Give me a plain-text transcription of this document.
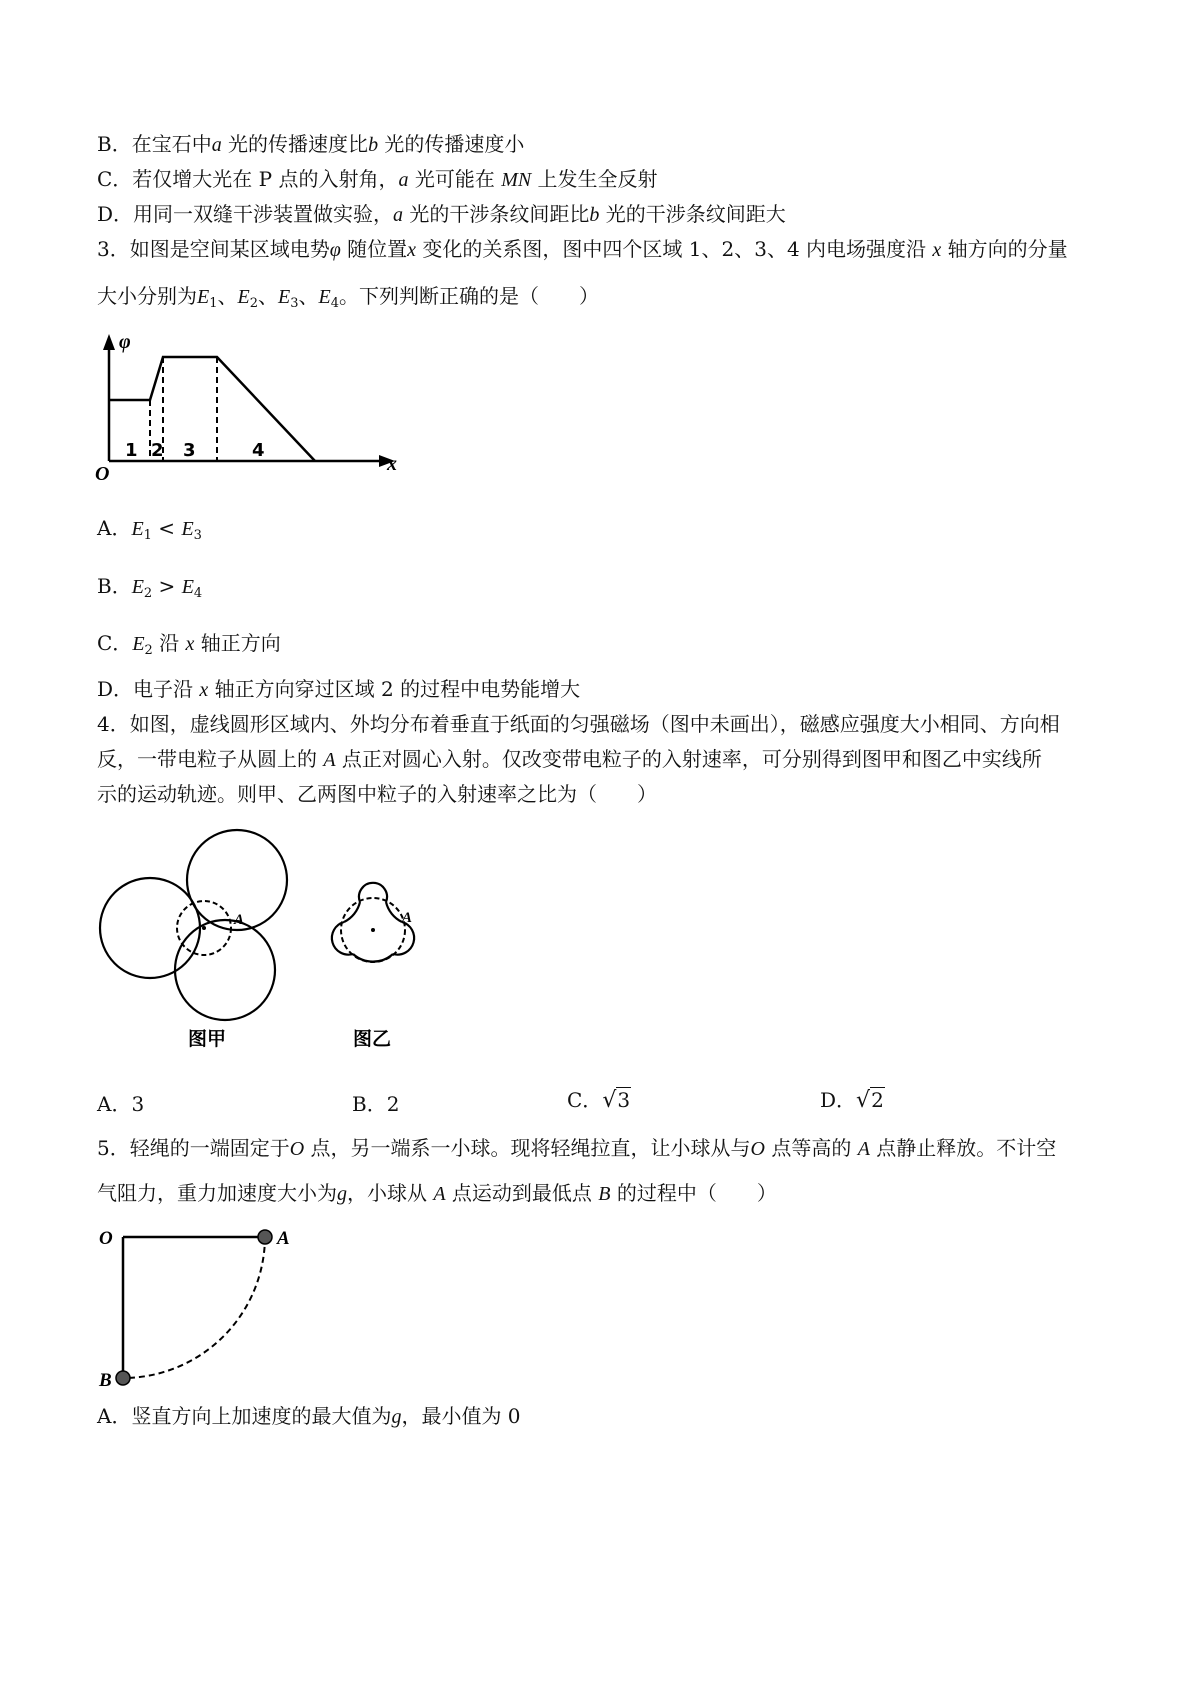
B．在宝石中a 光的传播速度比b 光的传播速度小
C．若仅增大光在 P 点的入射角，a 光可能在 MN 上发生全反射
D．用同一双缝干涉装置做实验，a 光的干涉条纹间距比b 光的干涉条纹间距大
3．如图是空间某区域电势φ 随位置x 变化的关系图，图中四个区域 1、2、3、4 内电场强度沿 x 轴方向的分量
大小分别为$E_1$、$E_2$、$E_3$、$E_4$。下列判断正确的是（　　）
φ
x
O
1 2 3	4
A．$E_1 < E_3$
B．$E_2 > E_4$
C．$E_2$ 沿 x 轴正方向
D．电子沿 x 轴正方向穿过区域 2 的过程中电势能增大
4．如图，虚线圆形区域内、外均分布着垂直于纸面的匀强磁场（图中未画出），磁感应强度大小相同、方向相
反，一带电粒子从圆上的 A 点正对圆心入射。仅改变带电粒子的入射速率，可分别得到图甲和图乙中实线所
示的运动轨迹。则甲、乙两图中粒子的入射速率之比为（　　）
A
图甲
A
图乙
A．3	B．2	C．√3	D．√2
5．轻绳的一端固定于O 点，另一端系一小球。现将轻绳拉直，让小球从与O 点等高的 A 点静止释放。不计空
气阻力，重力加速度大小为g，小球从 A 点运动到最低点 B 的过程中（　　）
O	A
B
A．竖直方向上加速度的最大值为g，最小值为 0
